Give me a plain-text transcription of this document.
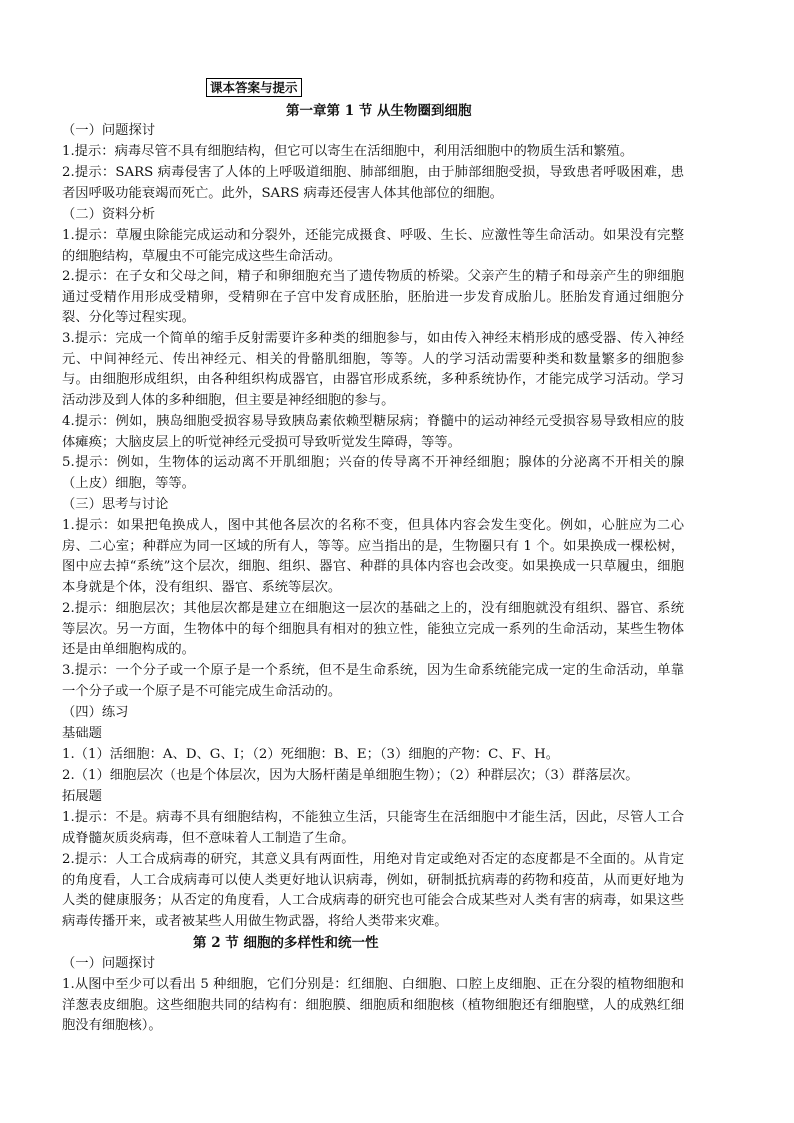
课本答案与提示
第一章第 1 节 从生物圈到细胞
（一）问题探讨
1.提示：病毒尽管不具有细胞结构，但它可以寄生在活细胞中，利用活细胞中的物质生活和繁殖。
2.提示：SARS 病毒侵害了人体的上呼吸道细胞、肺部细胞，由于肺部细胞受损，导致患者呼吸困难，患者因呼吸功能衰竭而死亡。此外，SARS 病毒还侵害人体其他部位的细胞。
（二）资料分析
1.提示：草履虫除能完成运动和分裂外，还能完成摄食、呼吸、生长、应激性等生命活动。如果没有完整的细胞结构，草履虫不可能完成这些生命活动。
2.提示：在子女和父母之间，精子和卵细胞充当了遗传物质的桥梁。父亲产生的精子和母亲产生的卵细胞通过受精作用形成受精卵，受精卵在子宫中发育成胚胎，胚胎进一步发育成胎儿。胚胎发育通过细胞分裂、分化等过程实现。
3.提示：完成一个简单的缩手反射需要许多种类的细胞参与，如由传入神经末梢形成的感受器、传入神经元、中间神经元、传出神经元、相关的骨骼肌细胞，等等。人的学习活动需要种类和数量繁多的细胞参与。由细胞形成组织，由各种组织构成器官，由器官形成系统，多种系统协作，才能完成学习活动。学习活动涉及到人体的多种细胞，但主要是神经细胞的参与。
4.提示：例如，胰岛细胞受损容易导致胰岛素依赖型糖尿病；脊髓中的运动神经元受损容易导致相应的肢体瘫痪；大脑皮层上的听觉神经元受损可导致听觉发生障碍，等等。
5.提示：例如，生物体的运动离不开肌细胞；兴奋的传导离不开神经细胞；腺体的分泌离不开相关的腺（上皮）细胞，等等。
（三）思考与讨论
1.提示：如果把龟换成人，图中其他各层次的名称不变，但具体内容会发生变化。例如，心脏应为二心房、二心室；种群应为同一区域的所有人，等等。应当指出的是，生物圈只有 1 个。如果换成一棵松树，图中应去掉“系统”这个层次，细胞、组织、器官、种群的具体内容也会改变。如果换成一只草履虫，细胞本身就是个体，没有组织、器官、系统等层次。
2.提示：细胞层次；其他层次都是建立在细胞这一层次的基础之上的，没有细胞就没有组织、器官、系统等层次。另一方面，生物体中的每个细胞具有相对的独立性，能独立完成一系列的生命活动，某些生物体还是由单细胞构成的。
3.提示：一个分子或一个原子是一个系统，但不是生命系统，因为生命系统能完成一定的生命活动，单靠一个分子或一个原子是不可能完成生命活动的。
（四）练习
基础题
1.（1）活细胞：A、D、G、I；（2）死细胞：B、E；（3）细胞的产物：C、F、H。
2.（1）细胞层次（也是个体层次，因为大肠杆菌是单细胞生物）；（2）种群层次；（3）群落层次。
拓展题
1.提示：不是。病毒不具有细胞结构，不能独立生活，只能寄生在活细胞中才能生活，因此，尽管人工合成脊髓灰质炎病毒，但不意味着人工制造了生命。
2.提示：人工合成病毒的研究，其意义具有两面性，用绝对肯定或绝对否定的态度都是不全面的。从肯定的角度看，人工合成病毒可以使人类更好地认识病毒，例如，研制抵抗病毒的药物和疫苗，从而更好地为人类的健康服务；从否定的角度看，人工合成病毒的研究也可能会合成某些对人类有害的病毒，如果这些病毒传播开来，或者被某些人用做生物武器，将给人类带来灾难。
第 2 节 细胞的多样性和统一性
（一）问题探讨
1.从图中至少可以看出 5 种细胞，它们分别是：红细胞、白细胞、口腔上皮细胞、正在分裂的植物细胞和洋葱表皮细胞。这些细胞共同的结构有：细胞膜、细胞质和细胞核（植物细胞还有细胞壁，人的成熟红细胞没有细胞核）。
